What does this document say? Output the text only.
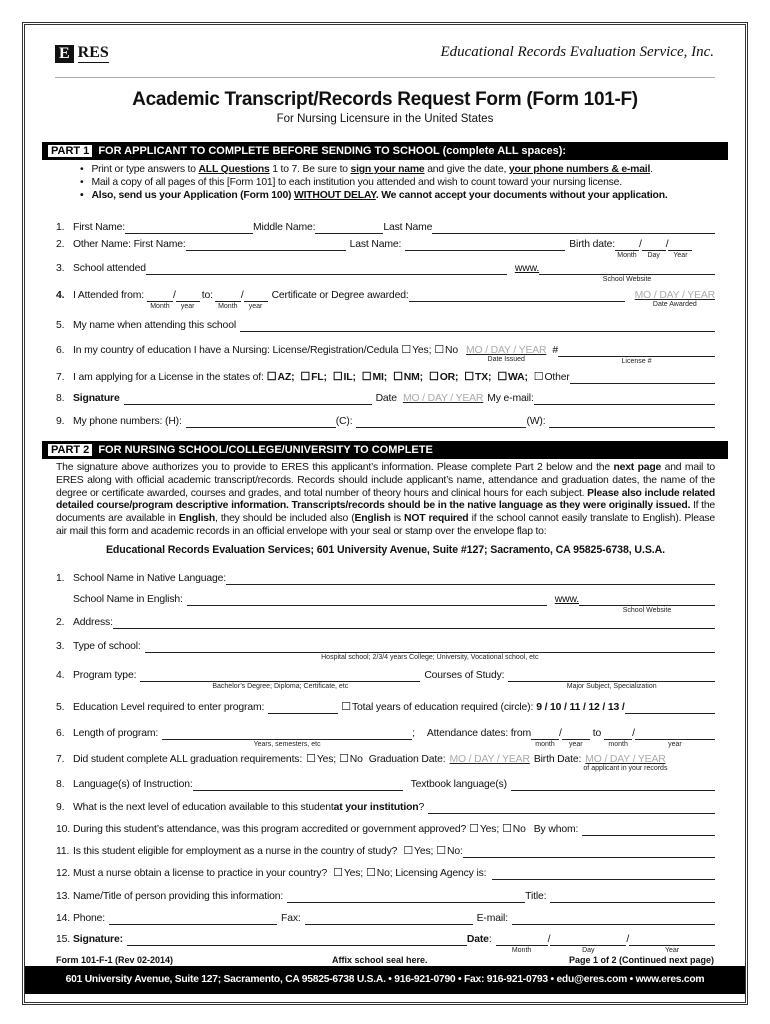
E RES	Educational Records Evaluation Service, Inc.
Academic Transcript/Records Request Form (Form 101-F)
For Nursing Licensure in the United States
PART 1 FOR APPLICANT TO COMPLETE BEFORE SENDING TO SCHOOL (complete ALL spaces):
• Print or type answers to ALL Questions 1 to 7. Be sure to sign your name and give the date, your phone numbers & e-mail.
• Mail a copy of all pages of this [Form 101] to each institution you attended and wish to count toward your nursing license.
• Also, send us your Application (Form 100) WITHOUT DELAY. We cannot accept your documents without your application.
1. First Name:	Middle Name:	Last Name
2. Other Name: First Name:	Last Name:	Birth date:
Month
/
Day
/
Year
3. School attended	www.
School Website
4. I Attended from:
Month
/
year
to:
Month
/
year
Certificate or Degree awarded:	MO / DAY / YEAR
Date Awarded
5. My name when attending this school
6. In my country of education I have a Nursing: License/Registration/Cedula ☐ Yes; ☐ No MO / DAY / YEAR
Date Issued
#
License #
7. I am applying for a License in the states of: ☐ AZ; ☐ FL; ☐ IL; ☐ MI; ☐ NM; ☐ OR; ☐ TX; ☐ WA; ☐ Other
8. Signature	Date MO / DAY / YEAR My e-mail:
9. My phone numbers: (H):	(C):	(W):
PART 2 FOR NURSING SCHOOL/COLLEGE/UNIVERSITY TO COMPLETE
The signature above authorizes you to provide to ERES this applicant’s information. Please complete Part 2 below and the next page and mail to ERES along with official academic transcript/records. Records should include applicant’s name, attendance and graduation dates, the name of the degree or certificate awarded, courses and grades, and total number of theory hours and clinical hours for each subject. Please also include related detailed course/program descriptive information. Transcripts/records should be in the native language as they were originally issued. If the documents are available in English, they should be included also (English is NOT required if the school cannot easily translate to English). Please air mail this form and academic records in an official envelope with your seal or stamp over the envelope flap to:
Educational Records Evaluation Services; 601 University Avenue, Suite #127; Sacramento, CA 95825-6738, U.S.A.
1. School Name in Native Language:
School Name in English:	www.
School Website
2. Address:
3. Type of school:
Hospital school; 2/3/4 years College; University, Vocational school, etc
4. Program type:
Bachelor’s Degree; Diploma; Certificate, etc
Courses of Study:
Major Subject, Specialization
5. Education Level required to enter program:	☐ Total years of education required (circle): 9 / 10 / 11 / 12 / 13 /
6. Length of program:
Years, semesters, etc
; Attendance dates: from
month
/
year
to
month
/
year
7. Did student complete ALL graduation requirements: ☐ Yes; ☐ No Graduation Date: MO / DAY / YEAR Birth Date: MO / DAY / YEAR
of applicant in your records
8. Language(s) of Instruction:	Textbook language(s)
9. What is the next level of education available to this student at your institution ?
10. During this student’s attendance, was this program accredited or government approved? ☐ Yes; ☐ No By whom:
11. Is this student eligible for employment as a nurse in the country of study? ☐ Yes; ☐ No:
12. Must a nurse obtain a license to practice in your country? ☐ Yes; ☐ No; Licensing Agency is:
13. Name/Title of person providing this information:	Title:
14. Phone:	Fax:	E-mail:
15. Signature:	Date :
Month
/
Day
/
Year
Form 101-F-1 (Rev 02-2014)	Affix school seal here.	Page 1 of 2 (Continued next page)
601 University Avenue, Suite 127; Sacramento, CA 95825-6738 U.S.A. • 916-921-0790 • Fax: 916-921-0793 • edu@eres.com • www.eres.com
